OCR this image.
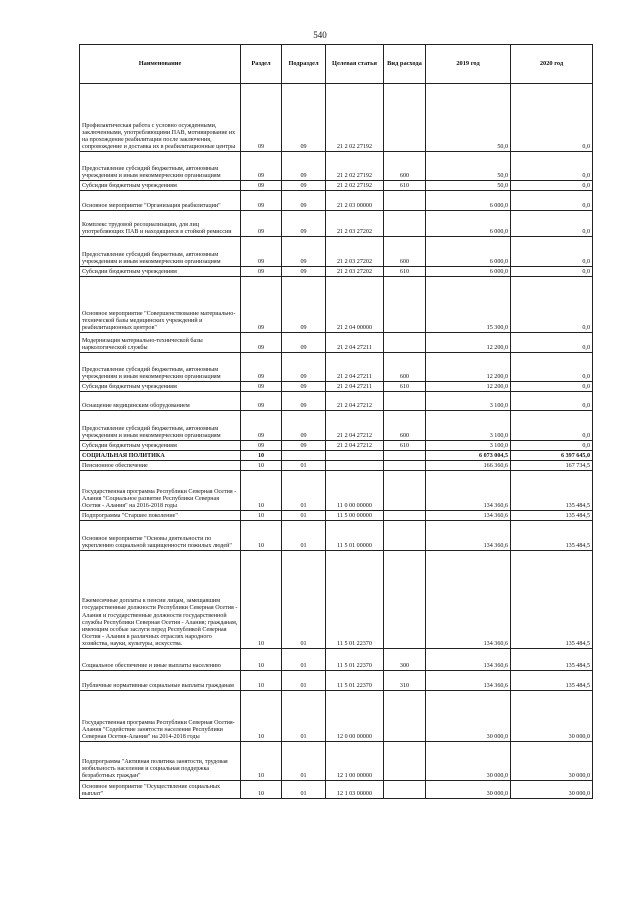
540
Наименование	Раздел	Подраздел	Целевая статья	Вид расхода	2019 год	2020 год
Профилактическая работа с условно осужденными, заключенными, употребляющими ПАВ, мотивирование их на прохождение реабилитации после заключения, сопровождение и доставка их в реабилитационные центры	09	09	21 2 02 27192		50,0	0,0
Предоставление субсидий бюджетным, автономным учреждениям и иным некоммерческим организациям	09	09	21 2 02 27192	600	50,0	0,0
Субсидии бюджетным учреждениям	09	09	21 2 02 27192	610	50,0	0,0
Основное мероприятие "Организация реабилитации"	09	09	21 2 03 00000		6 000,0	0,0
Комплекс трудовой ресоциализации, для лиц употребляющих ПАВ и находящиеся в стойкой ремиссии	09	09	21 2 03 27202		6 000,0	0,0
Предоставление субсидий бюджетным, автономным учреждениям и иным некоммерческим организациям	09	09	21 2 03 27202	600	6 000,0	0,0
Субсидии бюджетным учреждениям	09	09	21 2 03 27202	610	6 000,0	0,0
Основное мероприятие "Совершенствование материально-технической базы медицинских учреждений и реабилитационных центров"	09	09	21 2 04 00000		15 300,0	0,0
Модернизация материально-технической базы наркологической службы	09	09	21 2 04 27211		12 200,0	0,0
Предоставление субсидий бюджетным, автономным учреждениям и иным некоммерческим организациям	09	09	21 2 04 27211	600	12 200,0	0,0
Субсидии бюджетным учреждениям	09	09	21 2 04 27211	610	12 200,0	0,0
Оснащение медицинским оборудованием	09	09	21 2 04 27212		3 100,0	0,0
Предоставление субсидий бюджетным, автономным учреждениям и иным некоммерческим организациям	09	09	21 2 04 27212	600	3 100,0	0,0
Субсидии бюджетным учреждениям	09	09	21 2 04 27212	610	3 100,0	0,0
СОЦИАЛЬНАЯ ПОЛИТИКА	10				6 073 004,5	6 397 645,0
Пенсионное обеспечение	10	01			166 360,6	167 734,5
Государственная программа Республики Северная Осетия - Алания "Социальное развитие Республики Северная Осетия - Алания" на 2016-2018 годы	10	01	11 0 00 00000		134 360,6	135 484,5
Подпрограмма "Старшее поколение"	10	01	11 5 00 00000		134 360,6	135 484,5
Основное мероприятие "Основы деятельности по укреплению социальной защищенности пожилых людей"	10	01	11 5 01 00000		134 360,6	135 484,5
Ежемесячные доплаты к пенсии лицам, замещавшим государственные должности Республики Северная Осетия - Алания и государственные должности государственной службы Республики Северная Осетия - Алания; гражданам, имеющим особые заслуги перед Республикой Северная Осетия - Алания в различных отраслях народного хозяйства, науки, культуры, искусства.	10	01	11 5 01 22370		134 360,6	135 484,5
Социальное обеспечение и иные выплаты населению	10	01	11 5 01 22370	300	134 360,6	135 484,5
Публичные нормативные социальные выплаты гражданам	10	01	11 5 01 22370	310	134 360,6	135 484,5
Государственная программа Республики Северная Осетия-Алания "Содействие занятости населения Республики Северная Осетия-Алания" на 2014-2018 годы	10	01	12 0 00 00000		30 000,0	30 000,0
Подпрограмма "Активная политика занятости, трудовая мобильность населения и социальная поддержка безработных граждан"	10	01	12 1 00 00000		30 000,0	30 000,0
Основное мероприятие "Осуществление социальных выплат"	10	01	12 1 03 00000		30 000,0	30 000,0
